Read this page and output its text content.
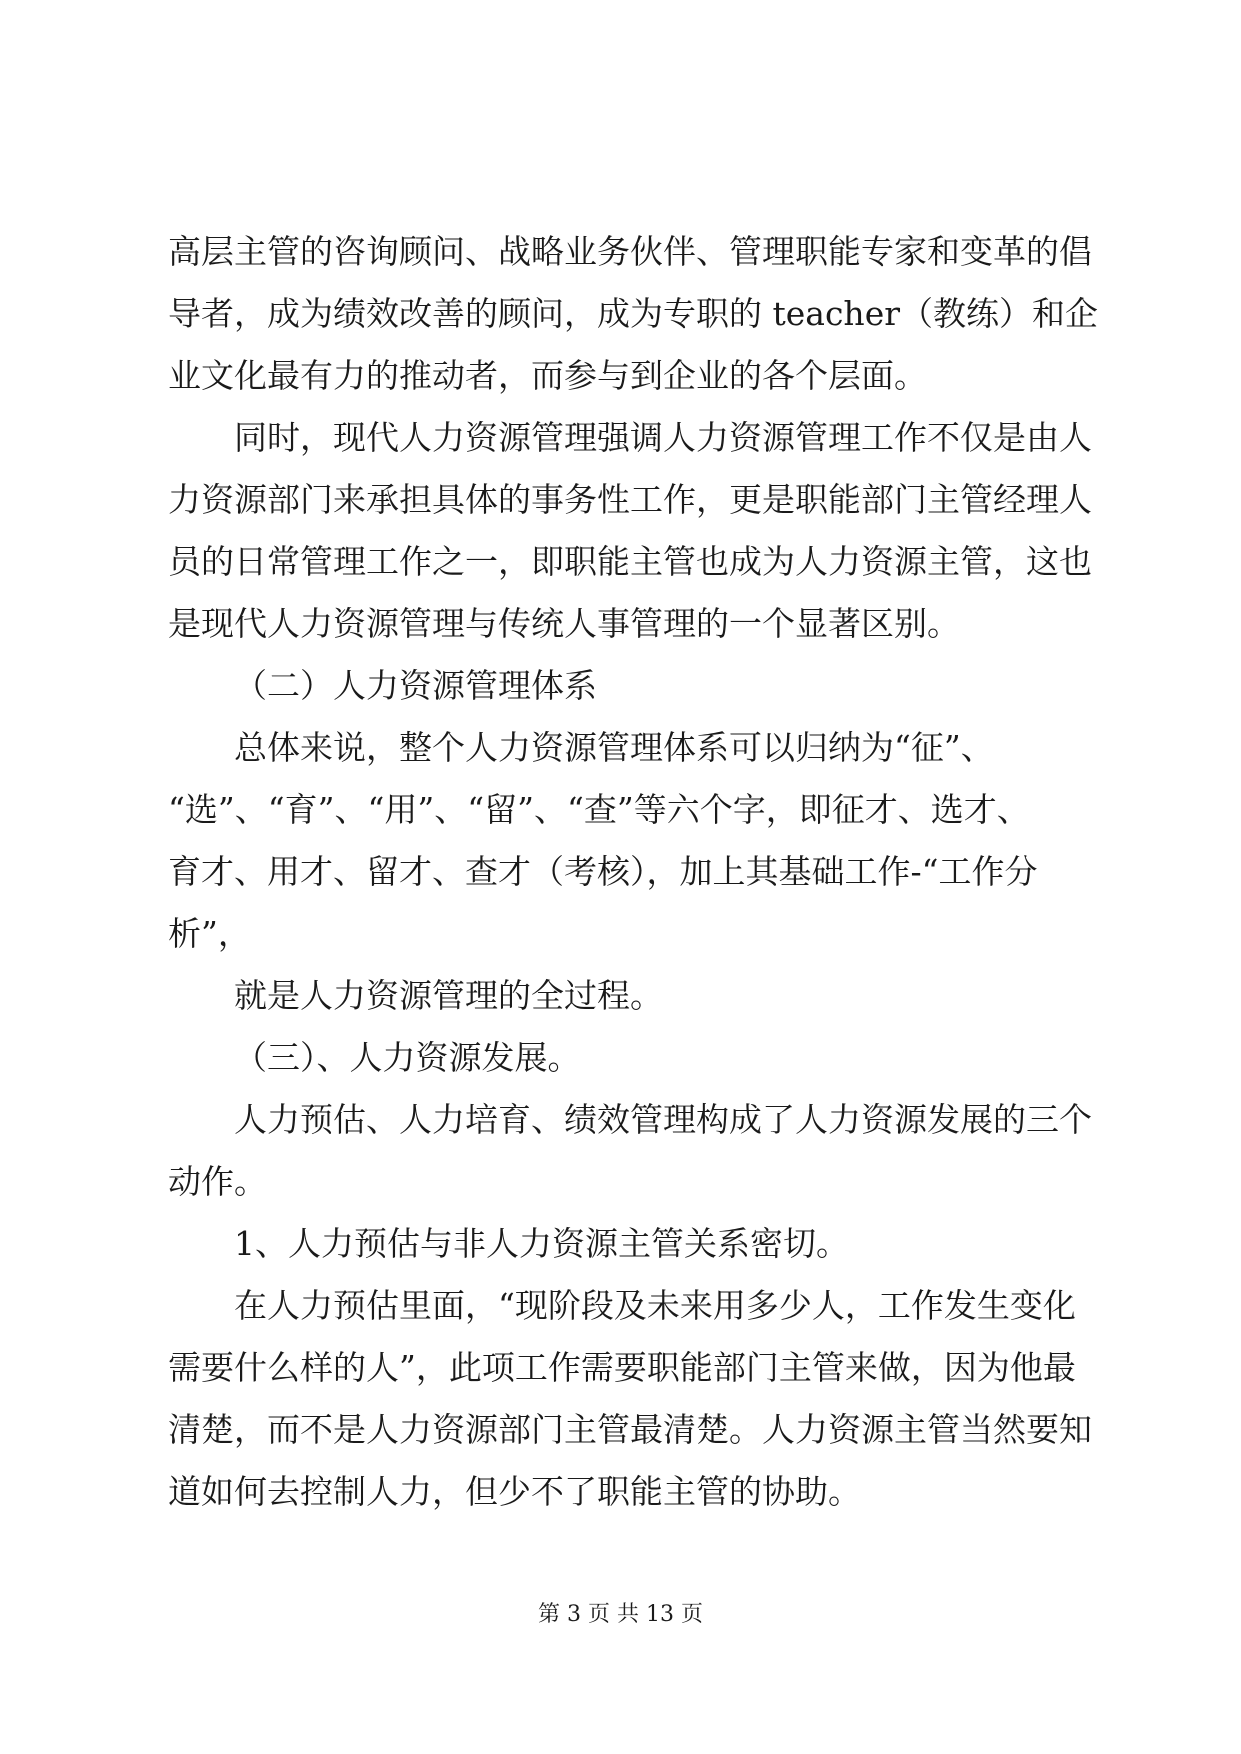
高层主管的咨询顾问、战略业务伙伴、管理职能专家和变革的倡
导者，成为绩效改善的顾问，成为专职的 teacher（教练）和企
业文化最有力的推动者，而参与到企业的各个层面。
同时，现代人力资源管理强调人力资源管理工作不仅是由人
力资源部门来承担具体的事务性工作，更是职能部门主管经理人
员的日常管理工作之一，即职能主管也成为人力资源主管，这也
是现代人力资源管理与传统人事管理的一个显著区别。
（二）人力资源管理体系
总体来说，整个人力资源管理体系可以归纳为“征”、
“选”、“育”、“用”、“留”、“查”等六个字，即征才、选才、
育才、用才、留才、查才（考核），加上其基础工作-“工作分
析”，
就是人力资源管理的全过程。
（三）、人力资源发展。
人力预估、人力培育、绩效管理构成了人力资源发展的三个
动作。
1、人力预估与非人力资源主管关系密切。
在人力预估里面，“现阶段及未来用多少人，工作发生变化
需要什么样的人”，此项工作需要职能部门主管来做，因为他最
清楚，而不是人力资源部门主管最清楚。人力资源主管当然要知
道如何去控制人力，但少不了职能主管的协助。
第 3 页 共 13 页
